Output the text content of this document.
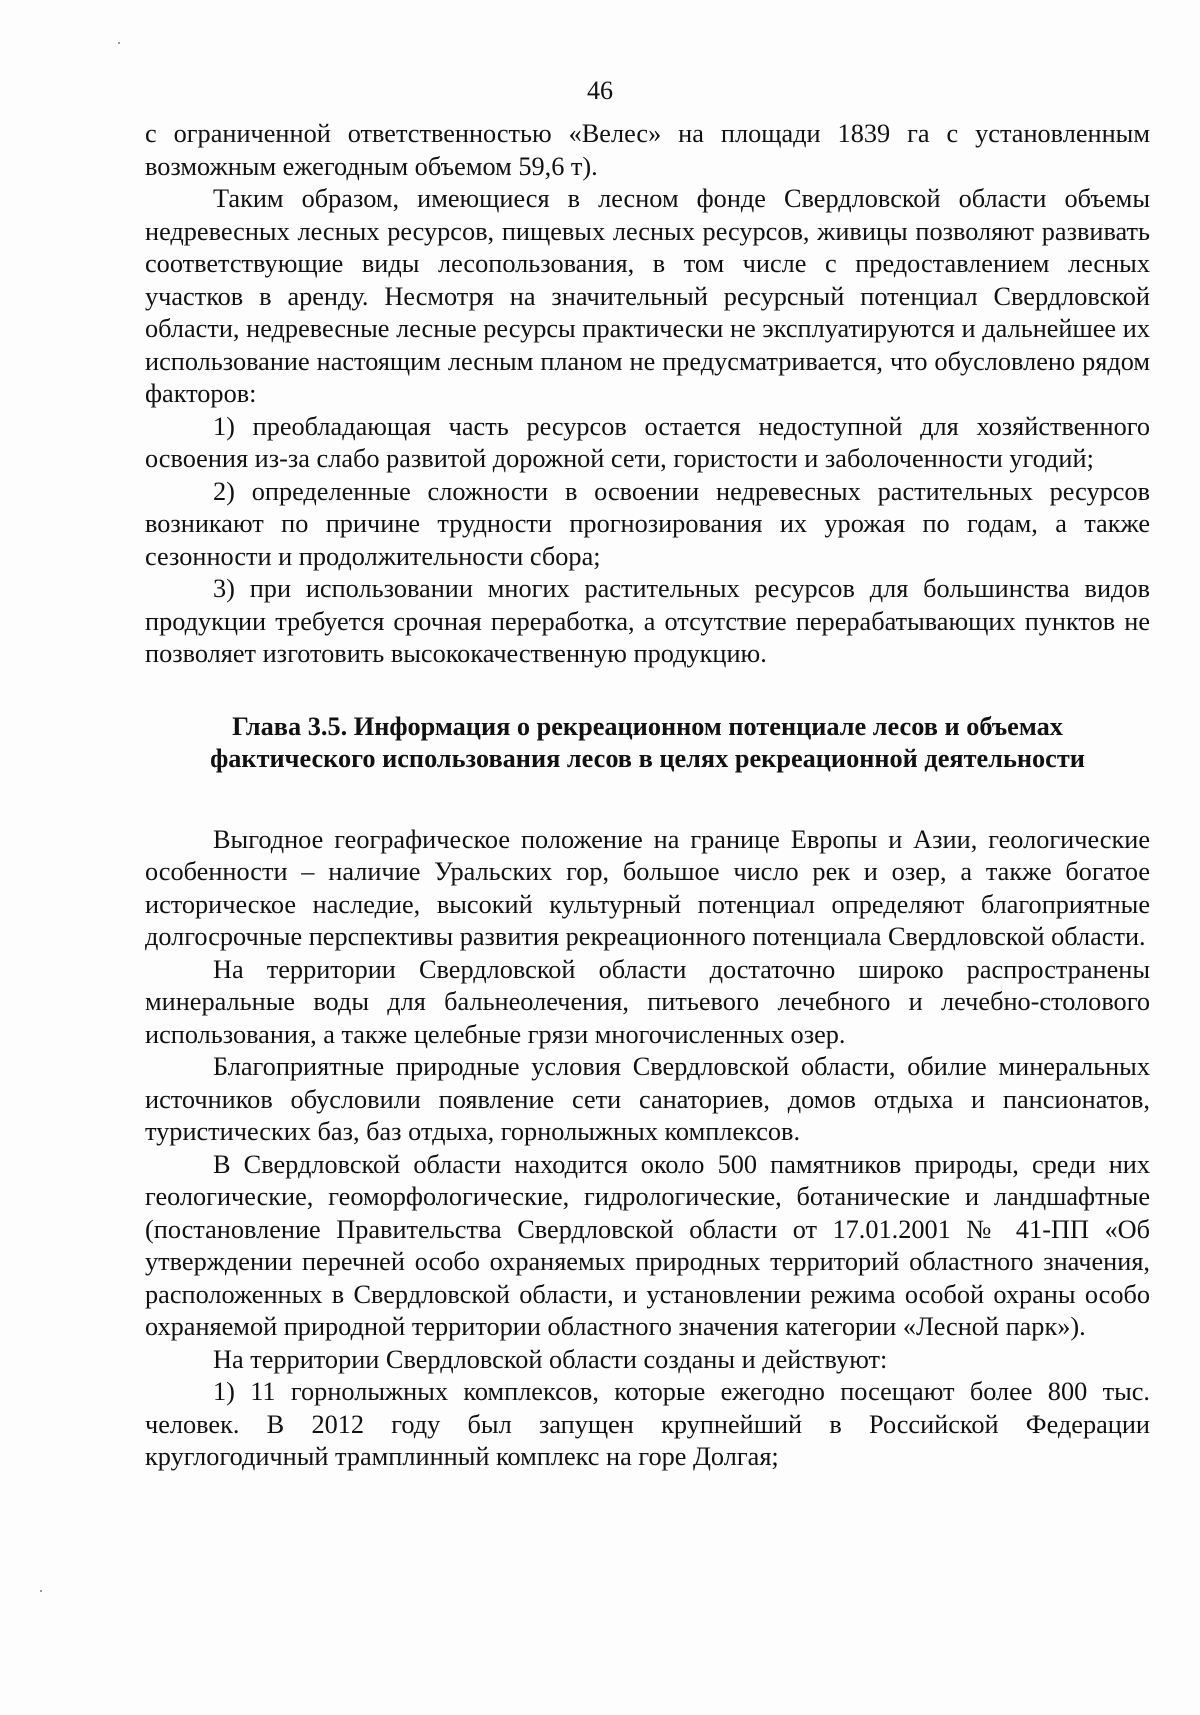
46

с ограниченной ответственностью «Велес» на площади 1839 га с установленным возможным ежегодным объемом 59,6 т).

Таким образом, имеющиеся в лесном фонде Свердловской области объемы недревесных лесных ресурсов, пищевых лесных ресурсов, живицы позволяют развивать соответствующие виды лесопользования, в том числе с предоставлением лесных участков в аренду. Несмотря на значительный ресурсный потенциал Свердловской области, недревесные лесные ресурсы практически не эксплуатируются и дальнейшее их использование настоящим лесным планом не предусматривается, что обусловлено рядом факторов:

1) преобладающая часть ресурсов остается недоступной для хозяйственного освоения из-за слабо развитой дорожной сети, гористости и заболоченности угодий;

2) определенные сложности в освоении недревесных растительных ресурсов возникают по причине трудности прогнозирования их урожая по годам, а также сезонности и продолжительности сбора;

3) при использовании многих растительных ресурсов для большинства видов продукции требуется срочная переработка, а отсутствие перерабатывающих пунктов не позволяет изготовить высококачественную продукцию.

Глава 3.5. Информация о рекреационном потенциале лесов и объемах
фактического использования лесов в целях рекреационной деятельности

Выгодное географическое положение на границе Европы и Азии, геологические особенности – наличие Уральских гор, большое число рек и озер, а также богатое историческое наследие, высокий культурный потенциал определяют благоприятные долгосрочные перспективы развития рекреационного потенциала Свердловской области.

На территории Свердловской области достаточно широко распространены минеральные воды для бальнеолечения, питьевого лечебного и лечебно-столового использования, а также целебные грязи многочисленных озер.

Благоприятные природные условия Свердловской области, обилие минеральных источников обусловили появление сети санаториев, домов отдыха и пансионатов, туристических баз, баз отдыха, горнолыжных комплексов.

В Свердловской области находится около 500 памятников природы, среди них геологические, геоморфологические, гидрологические, ботанические и ландшафтные (постановление Правительства Свердловской области от 17.01.2001 № 41-ПП «Об утверждении перечней особо охраняемых природных территорий областного значения, расположенных в Свердловской области, и установлении режима особой охраны особо охраняемой природной территории областного значения категории «Лесной парк»).

На территории Свердловской области созданы и действуют:

1) 11 горнолыжных комплексов, которые ежегодно посещают более 800 тыс. человек. В 2012 году был запущен крупнейший в Российской Федерации круглогодичный трамплинный комплекс на горе Долгая;
